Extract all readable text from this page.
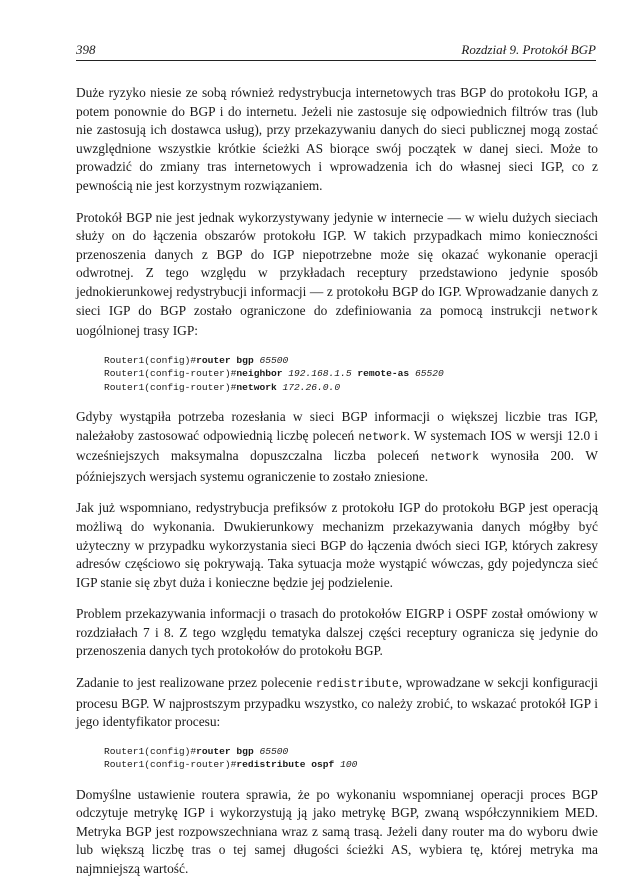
398	Rozdział 9. Protokół BGP

Duże ryzyko niesie ze sobą również redystrybucja internetowych tras BGP do protokołu IGP, a potem ponownie do BGP i do internetu. Jeżeli nie zastosuje się odpowiednich filtrów tras (lub nie zastosują ich dostawca usług), przy przekazywaniu danych do sieci publicznej mogą zostać uwzględnione wszystkie krótkie ścieżki AS biorące swój początek w danej sieci. Może to prowadzić do zmiany tras internetowych i wprowadzenia ich do własnej sieci IGP, co z pewnością nie jest korzystnym rozwiązaniem.

Protokół BGP nie jest jednak wykorzystywany jedynie w internecie — w wielu dużych sieciach służy on do łączenia obszarów protokołu IGP. W takich przypadkach mimo konieczności przenoszenia danych z BGP do IGP niepotrzebne może się okazać wykonanie operacji odwrotnej. Z tego względu w przykładach receptury przedstawiono jedynie sposób jednokierunkowej redystrybucji informacji — z protokołu BGP do IGP. Wprowadzanie danych z sieci IGP do BGP zostało ograniczone do zdefiniowania za pomocą instrukcji network uogólnionej trasy IGP:

Router1(config)#router bgp 65500
Router1(config-router)#neighbor 192.168.1.5 remote-as 65520
Router1(config-router)#network 172.26.0.0

Gdyby wystąpiła potrzeba rozesłania w sieci BGP informacji o większej liczbie tras IGP, należałoby zastosować odpowiednią liczbę poleceń network. W systemach IOS w wersji 12.0 i wcześniejszych maksymalna dopuszczalna liczba poleceń network wynosiła 200. W późniejszych wersjach systemu ograniczenie to zostało zniesione.

Jak już wspomniano, redystrybucja prefiksów z protokołu IGP do protokołu BGP jest operacją możliwą do wykonania. Dwukierunkowy mechanizm przekazywania danych mógłby być użyteczny w przypadku wykorzystania sieci BGP do łączenia dwóch sieci IGP, których zakresy adresów częściowo się pokrywają. Taka sytuacja może wystąpić wówczas, gdy pojedyncza sieć IGP stanie się zbyt duża i konieczne będzie jej podzielenie.

Problem przekazywania informacji o trasach do protokołów EIGRP i OSPF został omówiony w rozdziałach 7 i 8. Z tego względu tematyka dalszej części receptury ogranicza się jedynie do przenoszenia danych tych protokołów do protokołu BGP.

Zadanie to jest realizowane przez polecenie redistribute, wprowadzane w sekcji konfiguracji procesu BGP. W najprostszym przypadku wszystko, co należy zrobić, to wskazać protokół IGP i jego identyfikator procesu:

Router1(config)#router bgp 65500
Router1(config-router)#redistribute ospf 100

Domyślne ustawienie routera sprawia, że po wykonaniu wspomnianej operacji proces BGP odczytuje metrykę IGP i wykorzystują ją jako metrykę BGP, zwaną współczynnikiem MED. Metryka BGP jest rozpowszechniana wraz z samą trasą. Jeżeli dany router ma do wyboru dwie lub większą liczbę tras o tej samej długości ścieżki AS, wybiera tę, której metryka ma najmniejszą wartość.
